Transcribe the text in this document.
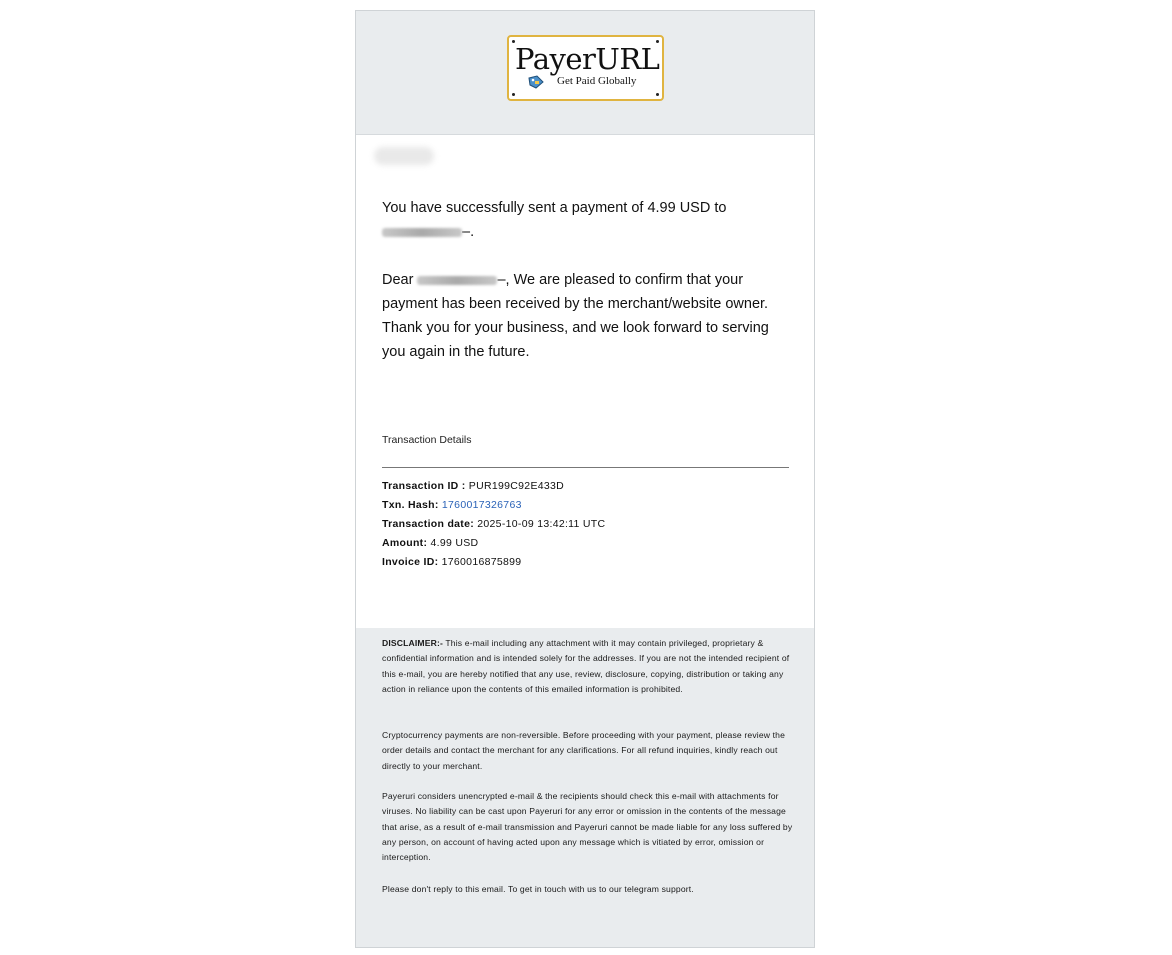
PayerURL
Get Paid Globally
You have successfully sent a payment of 4.99 USD to
–.
Dear	–, We are pleased to confirm that your payment has been received by the merchant/website owner. Thank you for your business, and we look forward to serving you again in the future.
Transaction Details
Transaction ID : PUR199C92E433D
Txn. Hash: 1760017326763
Transaction date: 2025-10-09 13:42:11 UTC
Amount: 4.99 USD
Invoice ID: 1760016875899
DISCLAIMER:- This e-mail including any attachment with it may contain privileged, proprietary & confidential information and is intended solely for the addresses. If you are not the intended recipient of this e-mail, you are hereby notified that any use, review, disclosure, copying, distribution or taking any action in reliance upon the contents of this emailed information is prohibited.
Cryptocurrency payments are non-reversible. Before proceeding with your payment, please review the order details and contact the merchant for any clarifications. For all refund inquiries, kindly reach out directly to your merchant.
Payeruri considers unencrypted e-mail & the recipients should check this e-mail with attachments for viruses. No liability can be cast upon Payeruri for any error or omission in the contents of the message that arise, as a result of e-mail transmission and Payeruri cannot be made liable for any loss suffered by any person, on account of having acted upon any message which is vitiated by error, omission or interception.
Please don't reply to this email. To get in touch with us to our telegram support.
